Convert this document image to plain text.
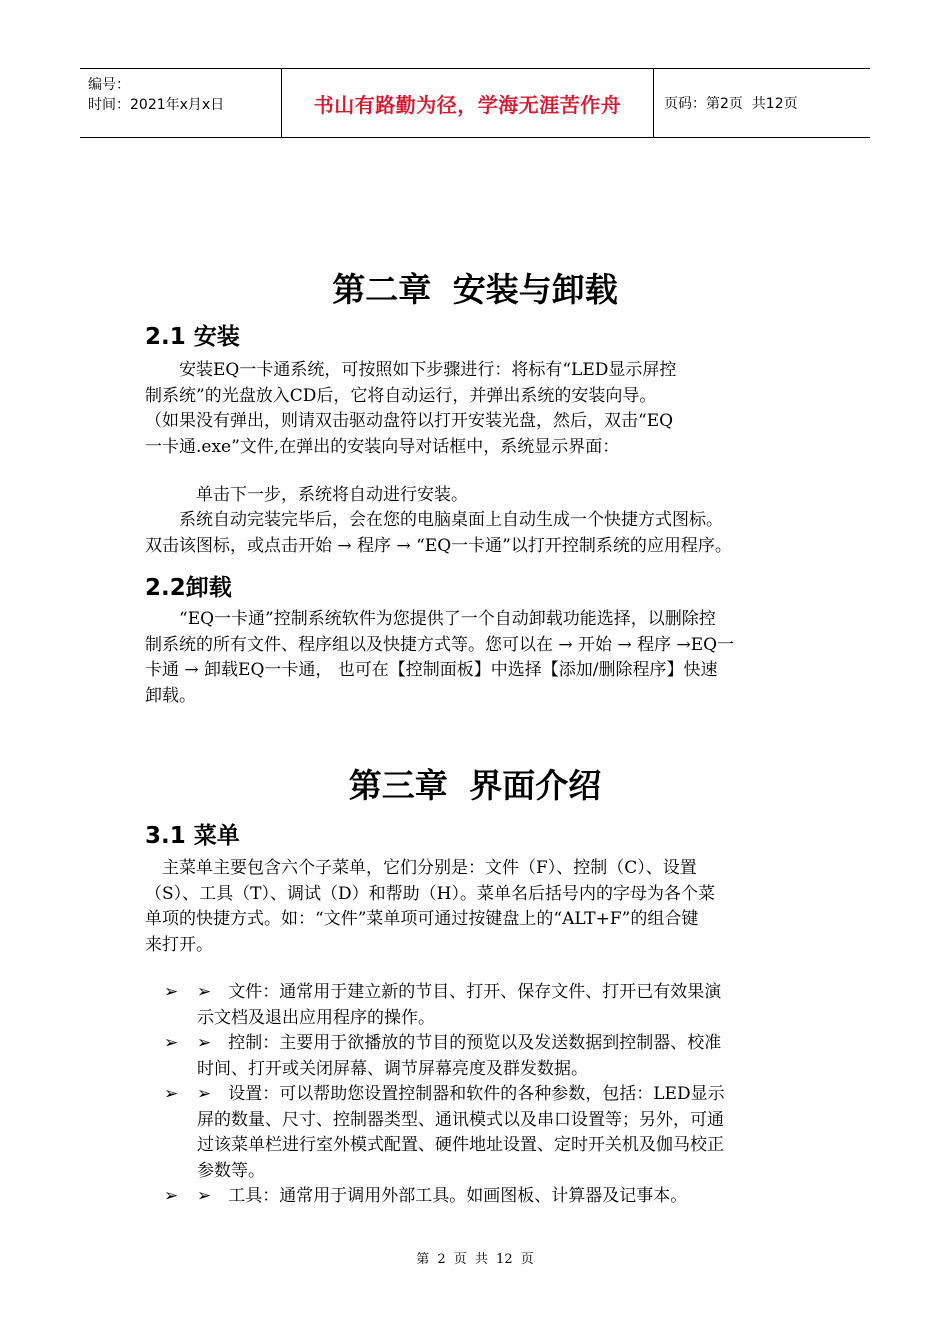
编号：
时间：2021年x月x日	书山有路勤为径，学海无涯苦作舟	页码：第2页  共12页
第二章 安装与卸载
2.1 安装
　　安装EQ一卡通系统，可按照如下步骤进行：将标有“LED显示屏控
制系统”的光盘放入CD后，它将自动运行，并弹出系统的安装向导。
（如果没有弹出，则请双击驱动盘符以打开安装光盘，然后，双击“EQ
一卡通.exe”文件,在弹出的安装向导对话框中，系统显示界面：
　　单击下一步，系统将自动进行安装。
　　系统自动完装完毕后，会在您的电脑桌面上自动生成一个快捷方式图标。
双击该图标，或点击开始 → 程序 → “EQ一卡通”以打开控制系统的应用程序。
2.2卸载
　　“EQ一卡通”控制系统软件为您提供了一个自动卸载功能选择，以删除控
制系统的所有文件、程序组以及快捷方式等。您可以在 → 开始 → 程序 →EQ一
卡通 → 卸载EQ一卡通， 也可在【控制面板】中选择【添加/删除程序】快速
卸载。
第三章 界面介绍
3.1 菜单
　主菜单主要包含六个子菜单，它们分别是：文件（F）、控制（C）、设置
（S）、工具（T）、调试（D）和帮助（H）。菜单名后括号内的字母为各个菜
单项的快捷方式。如：“文件”菜单项可通过按键盘上的“ALT+F”的组合键
来打开。
➢ ➢　文件：通常用于建立新的节目、打开、保存文件、打开已有效果演
示文档及退出应用程序的操作。
➢ ➢　控制：主要用于欲播放的节目的预览以及发送数据到控制器、校准
时间、打开或关闭屏幕、调节屏幕亮度及群发数据。
➢ ➢　设置：可以帮助您设置控制器和软件的各种参数，包括：LED显示
屏的数量、尺寸、控制器类型、通讯模式以及串口设置等；另外，可通
过该菜单栏进行室外模式配置、硬件地址设置、定时开关机及伽马校正
参数等。
➢ ➢　工具：通常用于调用外部工具。如画图板、计算器及记事本。
第 2 页 共 12 页
